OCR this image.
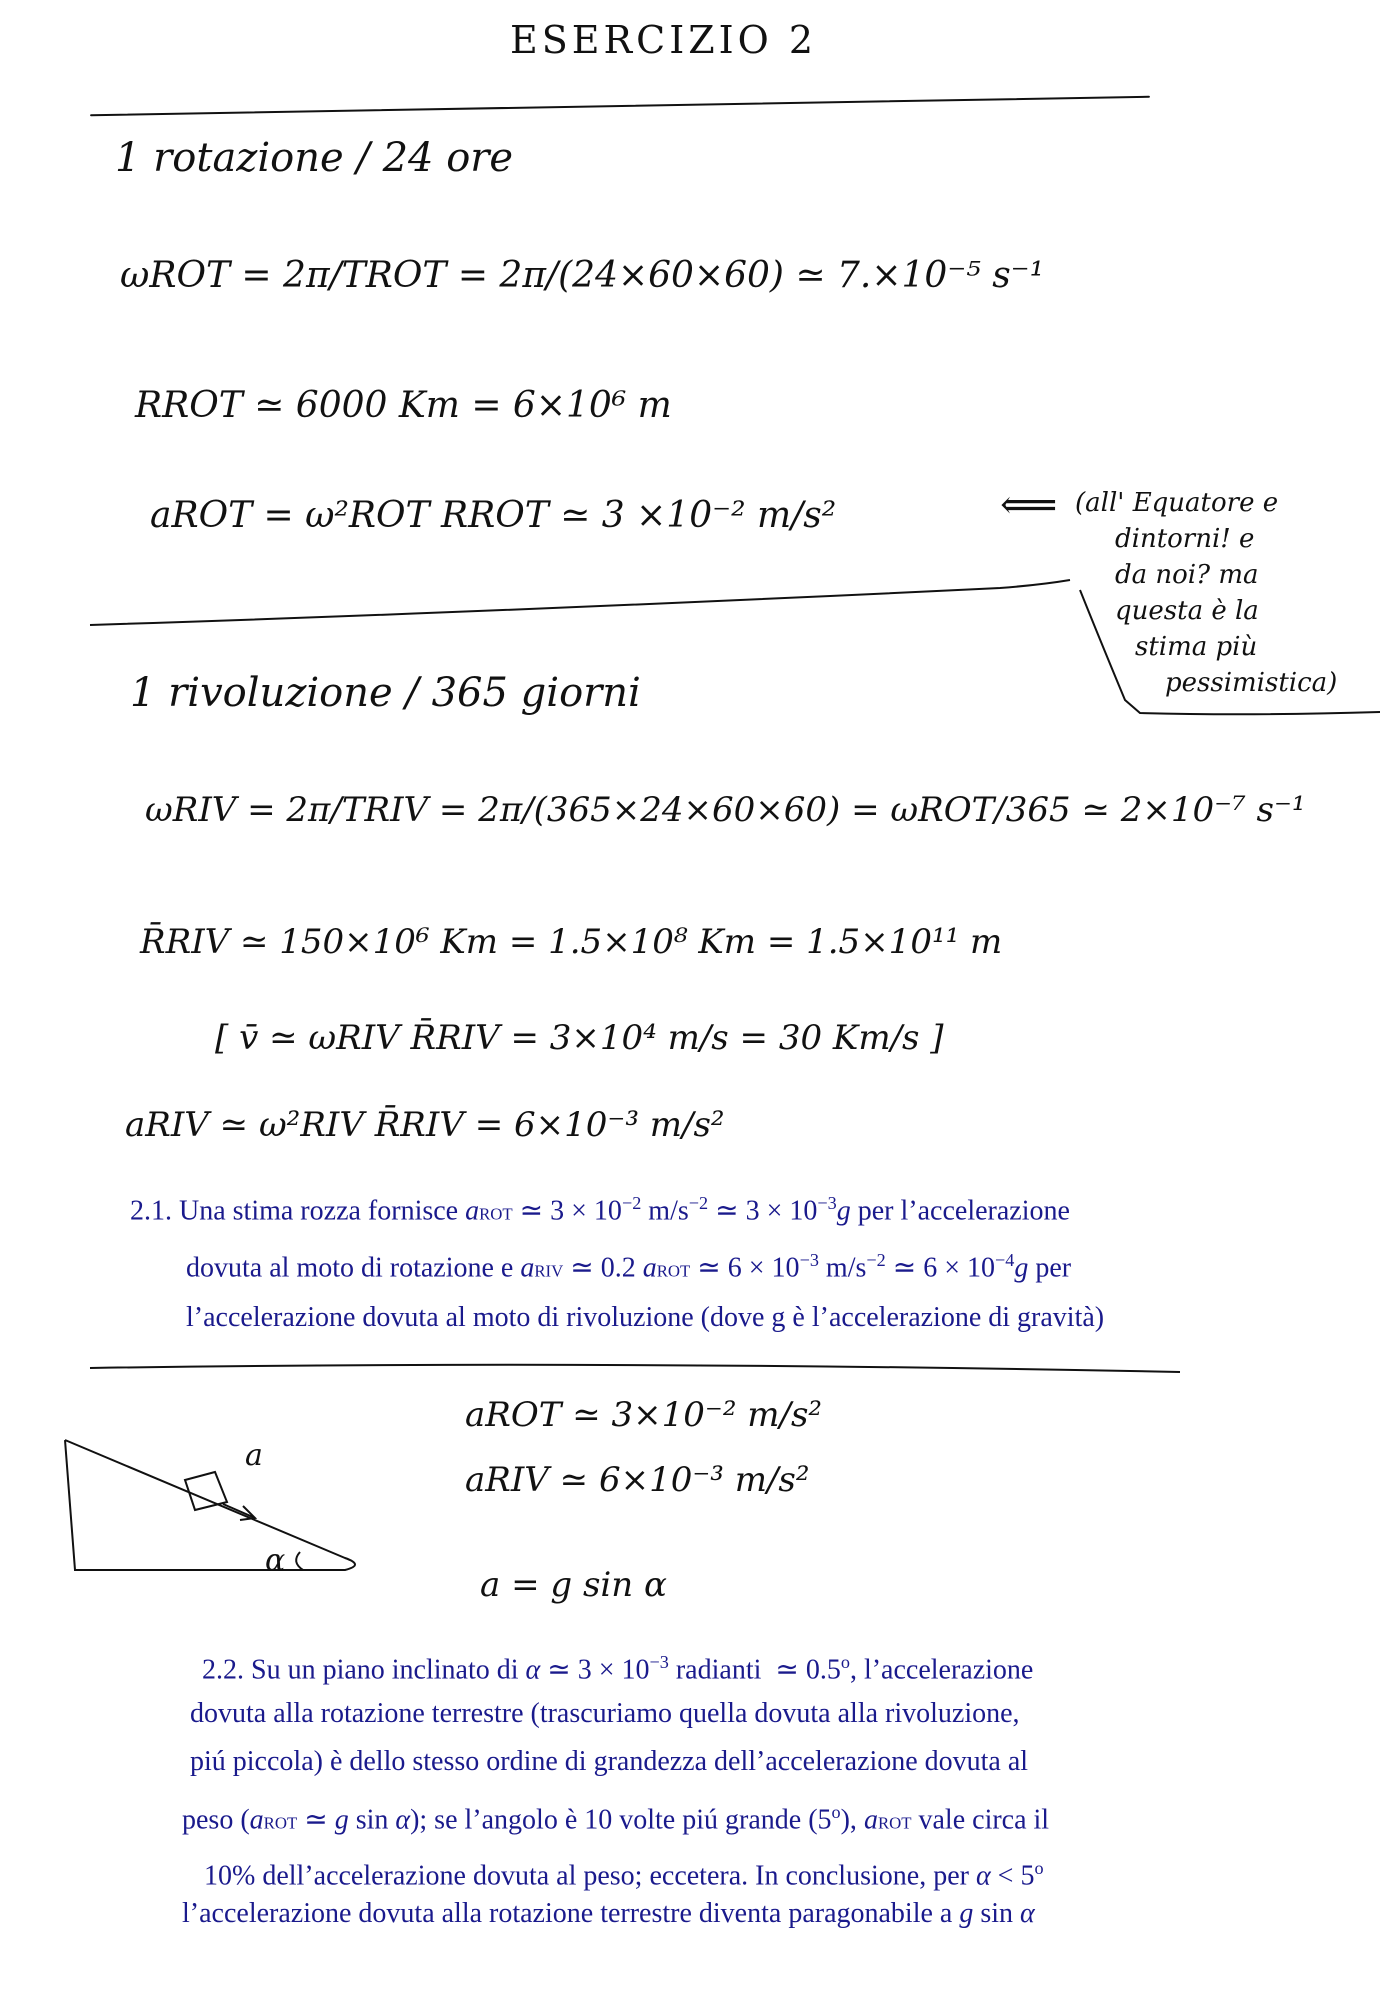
ESERCIZIO 2
1 rotazione / 24 ore
ωROT = 2π/TROT = 2π/(24×60×60) ≃ 7.×10⁻⁵ s⁻¹
RROT ≃ 6000 Km = 6×10⁶ m
aROT = ω²ROT RROT ≃ 3 ×10⁻² m/s²	⟸ (all' Equatore e
dintorni! e
da noi? ma
questa è la
stima più
pessimistica)
1 rivoluzione / 365 giorni
ωRIV = 2π/TRIV = 2π/(365×24×60×60) = ωROT/365 ≃ 2×10⁻⁷ s⁻¹
R̄RIV ≃ 150×10⁶ Km = 1.5×10⁸ Km = 1.5×10¹¹ m
[ v̄ ≃ ωRIV R̄RIV = 3×10⁴ m/s = 30 Km/s ]
aRIV ≃ ω²RIV R̄RIV = 6×10⁻³ m/s²
2.1. Una stima rozza fornisce aROT ≃ $3 \times 10^{-2}$ $m/s^{-2}$ ≃ $3 \times 10^{-3}g$ per l’accelerazione
dovuta al moto di rotazione e aRIV ≃ 0.2 aROT ≃ $6 \times 10^{-3}$ $m/s^{-2}$ ≃ $6 \times 10^{-4}g$ per
l’accelerazione dovuta al moto di rivoluzione (dove g è l’accelerazione di gravità)
aROT ≃ 3×10⁻² m/s²
aRIV ≃ 6×10⁻³ m/s²
a = g sin α
a
α
2.2. Su un piano inclinato di α ≃ $3 \times 10^{-3}$ radianti  ≃ 0.5$^o$, l’accelerazione
dovuta alla rotazione terrestre (trascuriamo quella dovuta alla rivoluzione,
piú piccola) è dello stesso ordine di grandezza dell’accelerazione dovuta al
peso (aROT ≃ g sin α); se l’angolo è 10 volte piú grande (5$^o$), aROT vale circa il
10% dell’accelerazione dovuta al peso; eccetera. In conclusione, per $\alpha < 5^o$
l’accelerazione dovuta alla rotazione terrestre diventa paragonabile a g sin α
